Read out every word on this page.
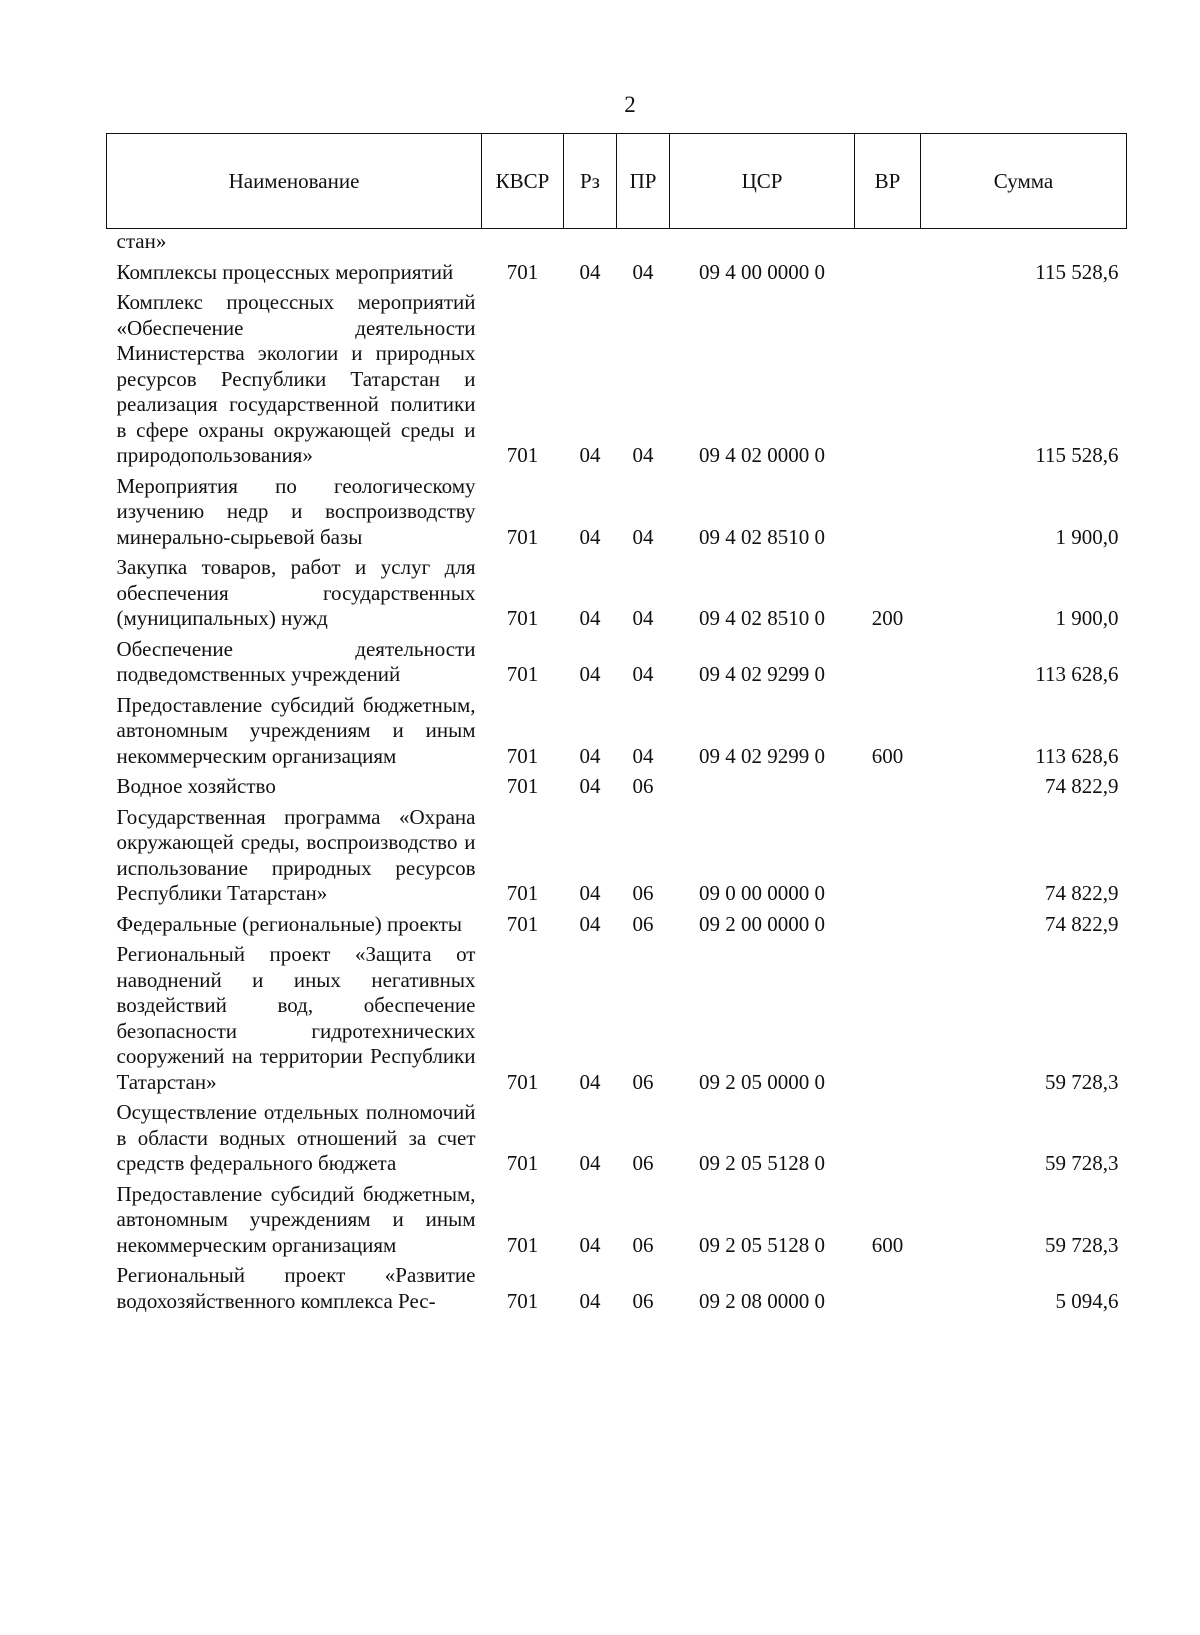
2
Наименование	КВСР	Рз	ПР	ЦСР	ВР	Сумма
стан»						
Комплексы процессных мероприятий	701	04	04	09 4 00 0000 0		115 528,6
Комплекс процессных мероприятий «Обеспечение деятельности Министерства экологии и природных ресурсов Республики Татарстан и реализация государственной политики в сфере охраны окружающей среды и природопользования»	701	04	04	09 4 02 0000 0		115 528,6
Мероприятия по геологическому изучению недр и воспроизводству минерально-сырьевой базы	701	04	04	09 4 02 8510 0		1 900,0
Закупка товаров, работ и услуг для обеспечения государственных (муниципальных) нужд	701	04	04	09 4 02 8510 0	200	1 900,0
Обеспечение деятельности подведомственных учреждений	701	04	04	09 4 02 9299 0		113 628,6
Предоставление субсидий бюджетным, автономным учреждениям и иным некоммерческим организациям	701	04	04	09 4 02 9299 0	600	113 628,6
Водное хозяйство	701	04	06			74 822,9
Государственная программа «Охрана окружающей среды, воспроизводство и использование природных ресурсов Республики Татарстан»	701	04	06	09 0 00 0000 0		74 822,9
Федеральные (региональные) проекты	701	04	06	09 2 00 0000 0		74 822,9
Региональный проект «Защита от наводнений и иных негативных воздействий вод, обеспечение безопасности гидротехнических сооружений на территории Республики Татарстан»	701	04	06	09 2 05 0000 0		59 728,3
Осуществление отдельных полномочий в области водных отношений за счет средств федерального бюджета	701	04	06	09 2 05 5128 0		59 728,3
Предоставление субсидий бюджетным, автономным учреждениям и иным некоммерческим организациям	701	04	06	09 2 05 5128 0	600	59 728,3
Региональный проект «Развитие водохозяйственного комплекса Рес-	701	04	06	09 2 08 0000 0		5 094,6
